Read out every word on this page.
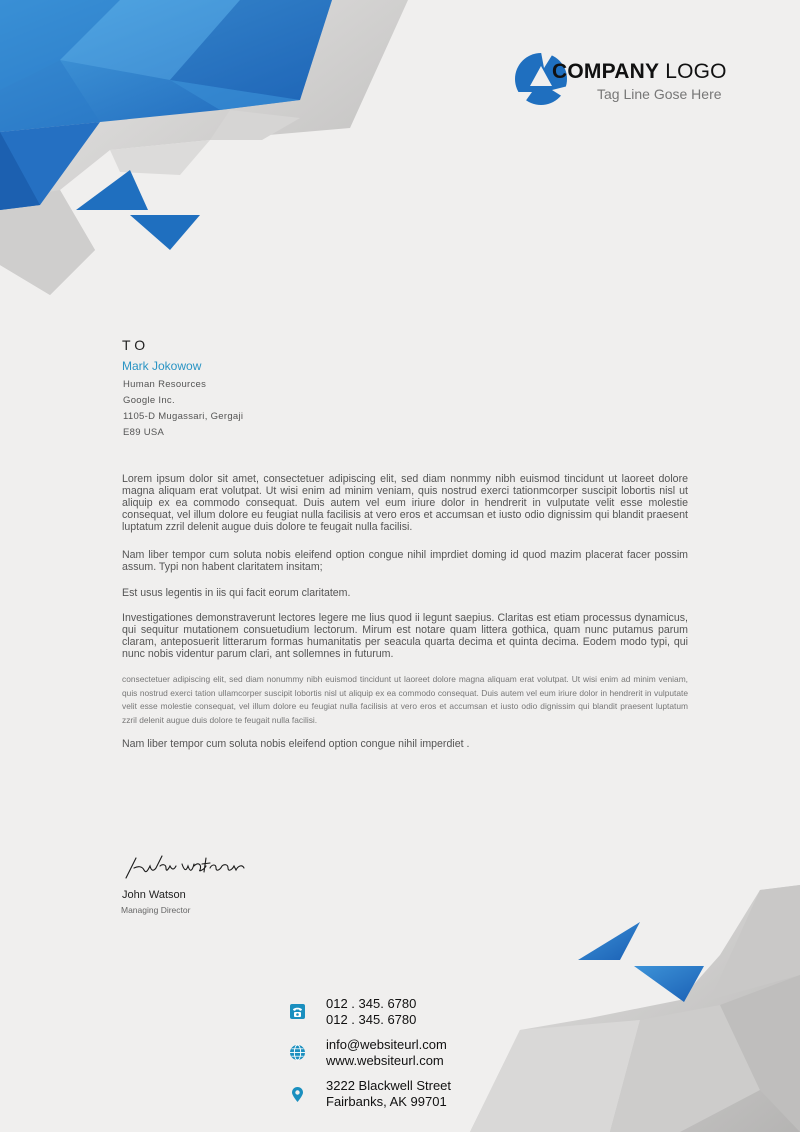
COMPANY LOGO
Tag Line Gose Here
TO
Mark Jokowow
Human Resources
Google Inc.
1105-D Mugassari, Gergaji
E89 USA
Lorem ipsum dolor sit amet, consectetuer adipiscing elit, sed diam nonmmy nibh euismod tincidunt ut laoreet dolore magna aliquam erat volutpat. Ut wisi enim ad minim veniam, quis nostrud exerci tationmcorper suscipit lobortis nisl ut aliquip ex ea commodo consequat. Duis autem vel eum iriure dolor in hendrerit in vulputate velit esse molestie consequat, vel illum dolore eu feugiat nulla facilisis at vero eros et accumsan et iusto odio dignissim qui blandit praesent luptatum zzril delenit augue duis dolore te feugait nulla facilisi.
Nam liber tempor cum soluta nobis eleifend option congue nihil imprdiet doming id quod mazim placerat facer possim assum. Typi non habent claritatem insitam;
Est usus legentis in iis qui facit eorum claritatem.
Investigationes demonstraverunt lectores legere me lius quod ii legunt saepius. Claritas est etiam processus dynamicus, qui sequitur mutationem consuetudium lectorum. Mirum est notare quam littera gothica, quam nunc putamus parum claram, anteposuerit litterarum formas humanitatis per seacula quarta decima et quinta decima. Eodem modo typi, qui nunc nobis videntur parum clari, ant sollemnes in futurum.
consectetuer adipiscing elit, sed diam nonummy nibh euismod tincidunt ut laoreet dolore magna aliquam erat volutpat. Ut wisi enim ad minim veniam, quis nostrud exerci tation ullamcorper suscipit lobortis nisl ut aliquip ex ea commodo consequat. Duis autem vel eum iriure dolor in hendrerit in vulputate velit esse molestie consequat, vel illum dolore eu feugiat nulla facilisis at vero eros et accumsan et iusto odio dignissim qui blandit praesent luptatum zzril delenit augue duis dolore te feugait nulla facilisi.
Nam liber tempor cum soluta nobis eleifend option congue nihil imperdiet .
John Watson
Managing Director
012 . 345. 6780
012 . 345. 6780
info@websiteurl.com
www.websiteurl.com
3222 Blackwell Street
Fairbanks, AK 99701
